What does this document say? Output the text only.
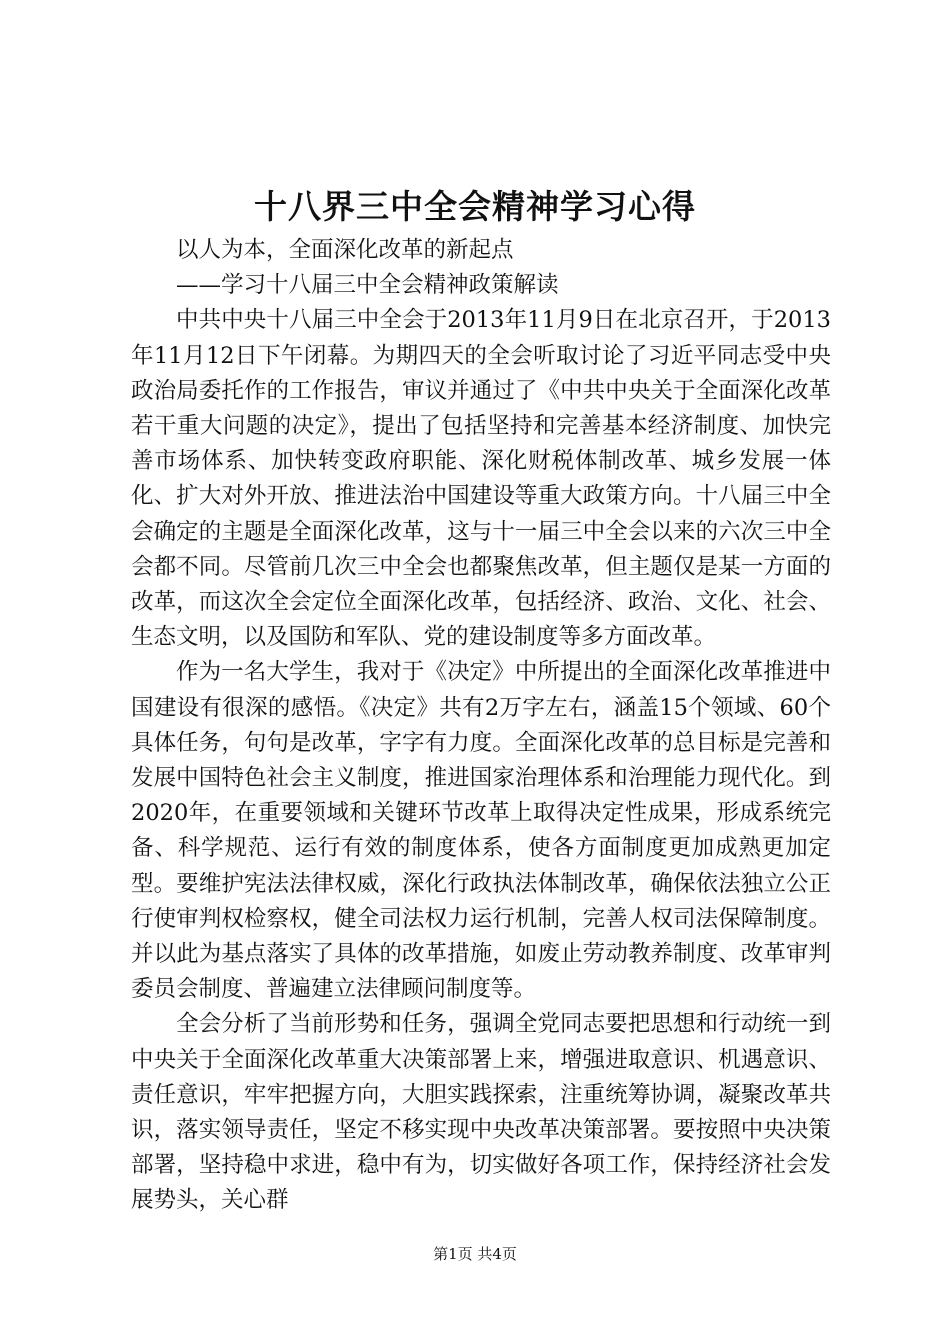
十八界三中全会精神学习心得

以人为本，全面深化改革的新起点

——学习十八届三中全会精神政策解读

中共中央十八届三中全会于2013年11月9日在北京召开，于2013年11月12日下午闭幕。为期四天的全会听取讨论了习近平同志受中央政治局委托作的工作报告，审议并通过了《中共中央关于全面深化改革若干重大问题的决定》，提出了包括坚持和完善基本经济制度、加快完善市场体系、加快转变政府职能、深化财税体制改革、城乡发展一体化、扩大对外开放、推进法治中国建设等重大政策方向。十八届三中全会确定的主题是全面深化改革，这与十一届三中全会以来的六次三中全会都不同。尽管前几次三中全会也都聚焦改革，但主题仅是某一方面的改革，而这次全会定位全面深化改革，包括经济、政治、文化、社会、生态文明，以及国防和军队、党的建设制度等多方面改革。

作为一名大学生，我对于《决定》中所提出的全面深化改革推进中国建设有很深的感悟。《决定》共有2万字左右，涵盖15个领域、60个具体任务，句句是改革，字字有力度。全面深化改革的总目标是完善和发展中国特色社会主义制度，推进国家治理体系和治理能力现代化。到2020年，在重要领域和关键环节改革上取得决定性成果，形成系统完备、科学规范、运行有效的制度体系，使各方面制度更加成熟更加定型。要维护宪法法律权威，深化行政执法体制改革，确保依法独立公正行使审判权检察权，健全司法权力运行机制，完善人权司法保障制度。并以此为基点落实了具体的改革措施，如废止劳动教养制度、改革审判委员会制度、普遍建立法律顾问制度等。

全会分析了当前形势和任务，强调全党同志要把思想和行动统一到中央关于全面深化改革重大决策部署上来，增强进取意识、机遇意识、责任意识，牢牢把握方向，大胆实践探索，注重统筹协调，凝聚改革共识，落实领导责任，坚定不移实现中央改革决策部署。要按照中央决策部署，坚持稳中求进，稳中有为，切实做好各项工作，保持经济社会发展势头，关心群

第1页 共4页
